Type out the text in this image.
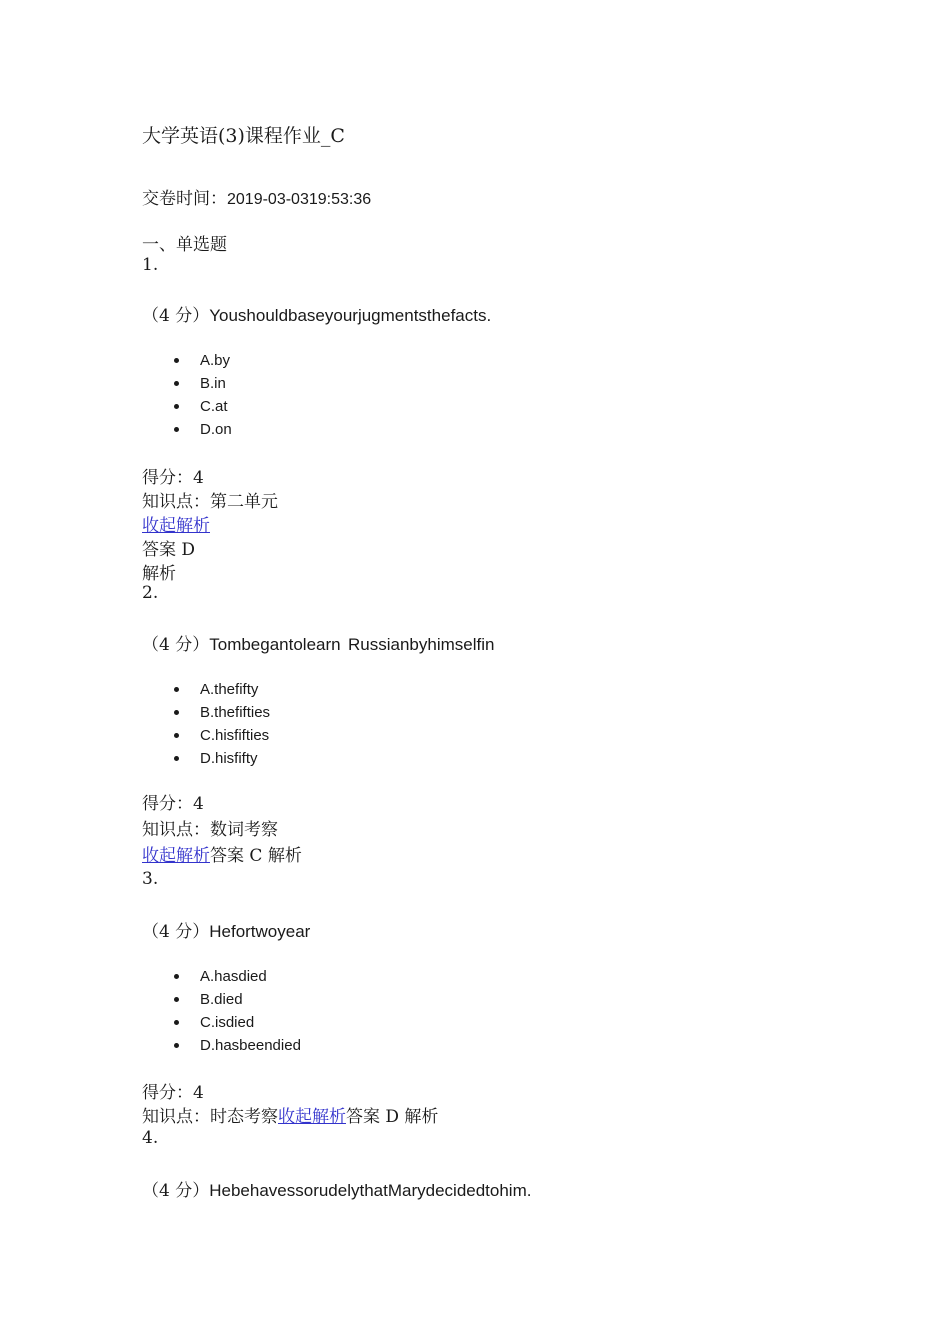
大学英语(3)课程作业_C
交卷时间：2019-03-0319:53:36
一、单选题
1.
（4 分）Youshouldbaseyourjugmentsthefacts.
A.by
B.in
C.at
D.on
得分：4
知识点：第二单元
收起解析
答案 D
解析
2.
（4 分）Tombegantolearn Russianbyhimselfin
A.thefifty
B.thefifties
C.hisfifties
D.hisfifty
得分：4
知识点：数词考察
收起解析答案 C 解析
3.
（4 分）Hefortwoyear
A.hasdied
B.died
C.isdied
D.hasbeendied
得分：4
知识点：时态考察收起解析答案 D 解析
4.
（4 分）HebehavessorudelythatMarydecidedtohim.
